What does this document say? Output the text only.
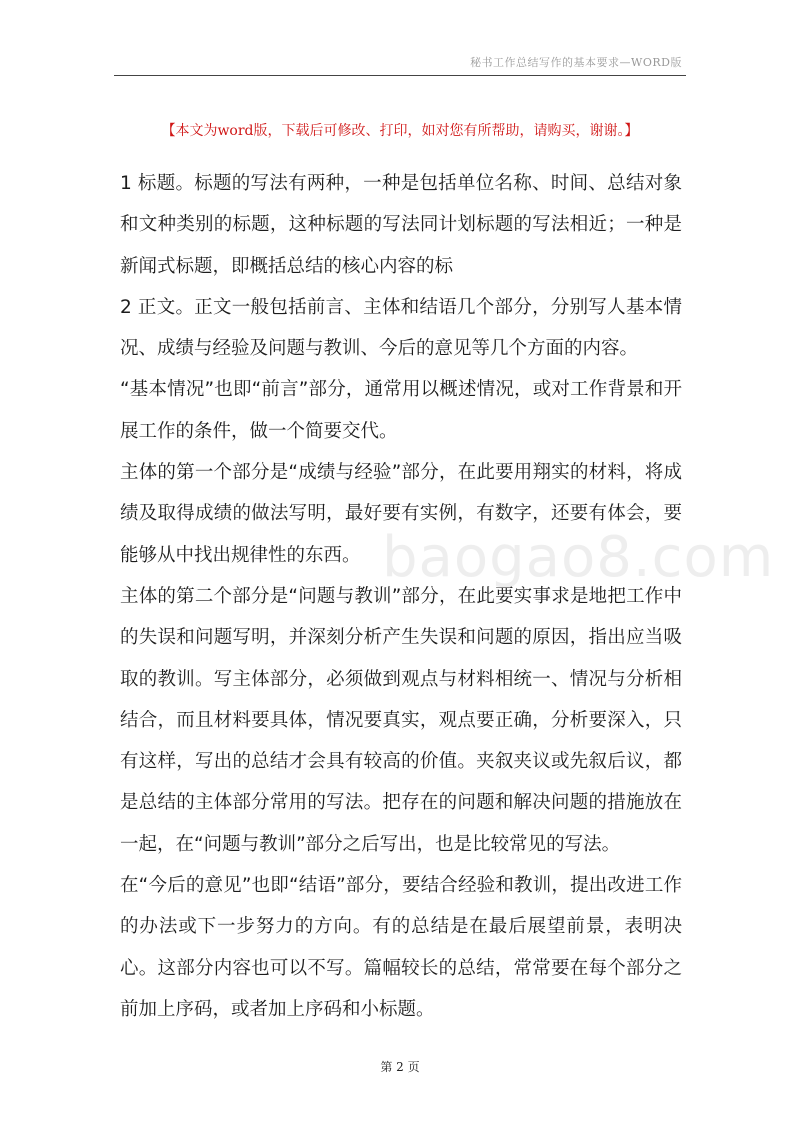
秘书工作总结写作的基本要求—WORD版
【本文为word版，下载后可修改、打印，如对您有所帮助，请购买，谢谢。】

1 标题。标题的写法有两种，一种是包括单位名称、时间、总结对象和文种类别的标题，这种标题的写法同计划标题的写法相近；一种是新闻式标题，即概括总结的核心内容的标

2 正文。正文一般包括前言、主体和结语几个部分，分别写人基本情况、成绩与经验及问题与教训、今后的意见等几个方面的内容。

“基本情况”也即“前言”部分，通常用以概述情况，或对工作背景和开展工作的条件，做一个简要交代。

主体的第一个部分是“成绩与经验”部分，在此要用翔实的材料，将成绩及取得成绩的做法写明，最好要有实例，有数字，还要有体会，要能够从中找出规律性的东西。

主体的第二个部分是“问题与教训”部分，在此要实事求是地把工作中的失误和问题写明，并深刻分析产生失误和问题的原因，指出应当吸取的教训。写主体部分，必须做到观点与材料相统一、情况与分析相结合，而且材料要具体，情况要真实，观点要正确，分析要深入，只有这样，写出的总结才会具有较高的价值。夹叙夹议或先叙后议，都是总结的主体部分常用的写法。把存在的问题和解决问题的措施放在一起，在“问题与教训”部分之后写出，也是比较常见的写法。

在“今后的意见”也即“结语”部分，要结合经验和教训，提出改进工作的办法或下一步努力的方向。有的总结是在最后展望前景，表明决心。这部分内容也可以不写。篇幅较长的总结，常常要在每个部分之前加上序码，或者加上序码和小标题。

baogao8.com
第 2 页
